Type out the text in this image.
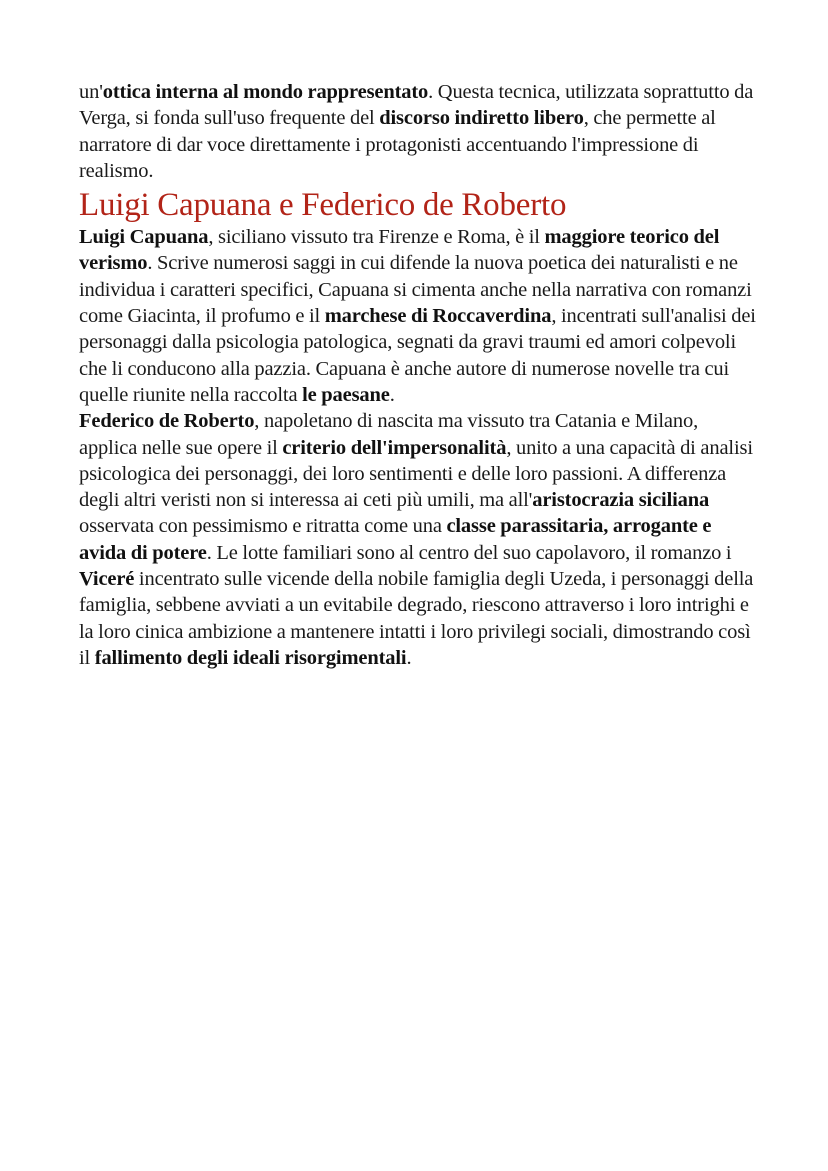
un'ottica interna al mondo rappresentato. Questa tecnica, utilizzata soprattutto da Verga, si fonda sull'uso frequente del discorso indiretto libero, che permette al narratore di dar voce direttamente i protagonisti accentuando l'impressione di realismo.

Luigi Capuana e Federico de Roberto

Luigi Capuana, siciliano vissuto tra Firenze e Roma, è il maggiore teorico del verismo. Scrive numerosi saggi in cui difende la nuova poetica dei naturalisti e ne individua i caratteri specifici, Capuana si cimenta anche nella narrativa con romanzi come Giacinta, il profumo e il marchese di Roccaverdina, incentrati sull'analisi dei personaggi dalla psicologia patologica, segnati da gravi traumi ed amori colpevoli che li conducono alla pazzia. Capuana è anche autore di numerose novelle tra cui quelle riunite nella raccolta le paesane.

Federico de Roberto, napoletano di nascita ma vissuto tra Catania e Milano, applica nelle sue opere il criterio dell'impersonalità, unito a una capacità di analisi psicologica dei personaggi, dei loro sentimenti e delle loro passioni. A differenza degli altri veristi non si interessa ai ceti più umili, ma all'aristocrazia siciliana osservata con pessimismo e ritratta come una classe parassitaria, arrogante e avida di potere. Le lotte familiari sono al centro del suo capolavoro, il romanzo i Viceré incentrato sulle vicende della nobile famiglia degli Uzeda, i personaggi della famiglia, sebbene avviati a un evitabile degrado, riescono attraverso i loro intrighi e la loro cinica ambizione a mantenere intatti i loro privilegi sociali, dimostrando così il fallimento degli ideali risorgimentali.
